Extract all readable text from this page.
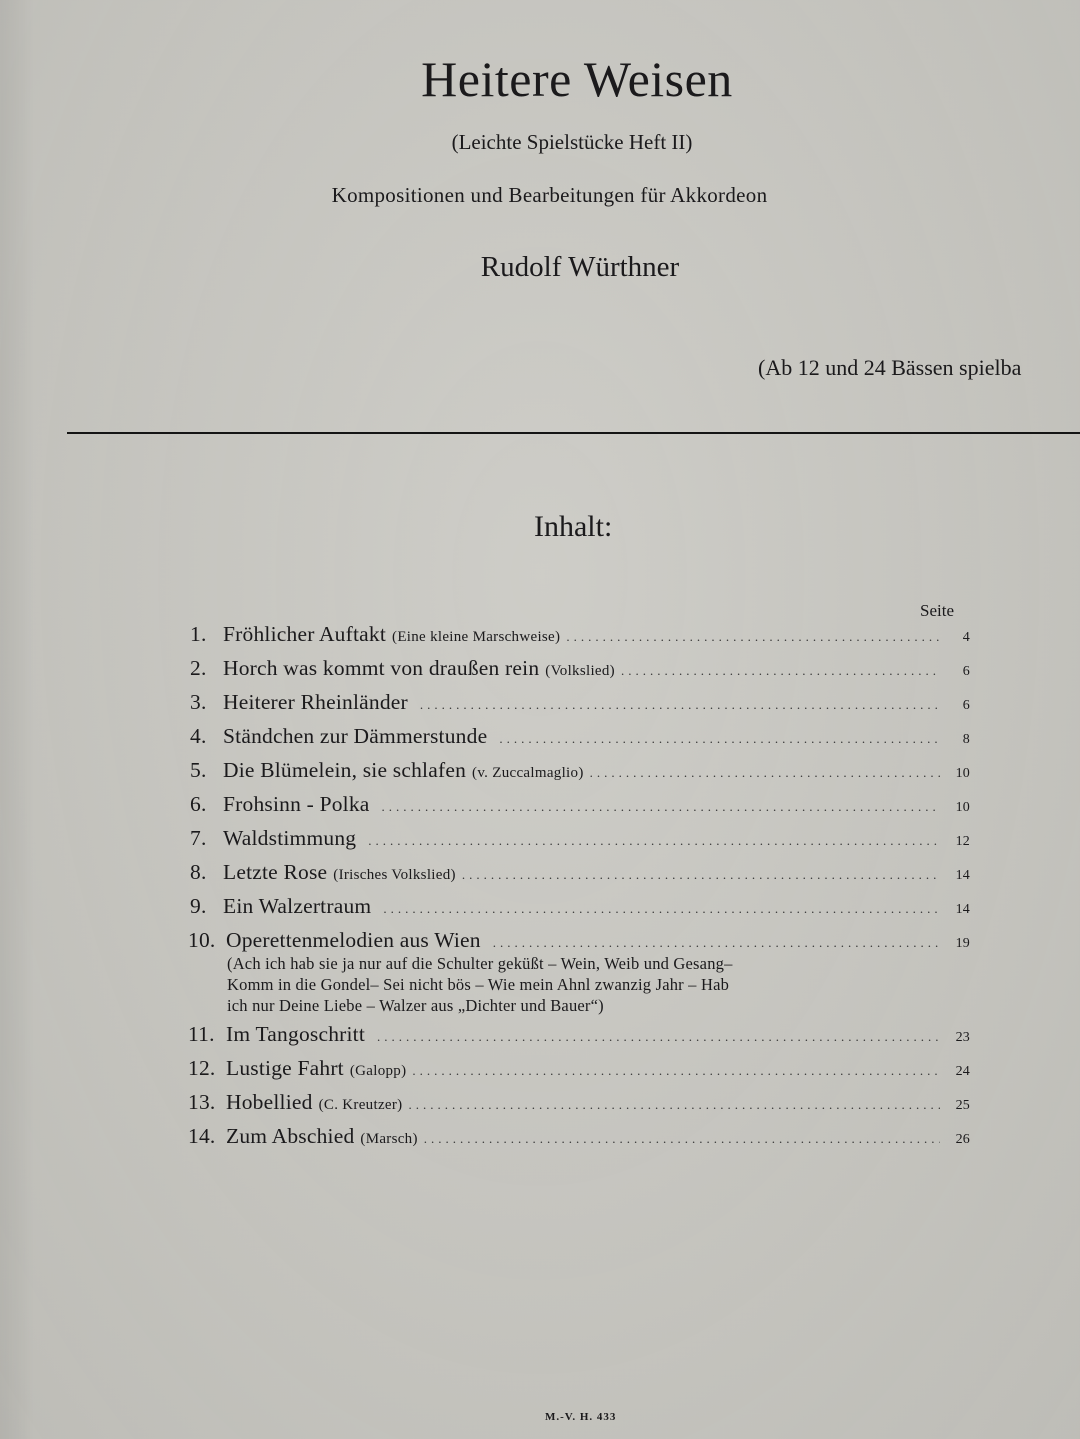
Heitere Weisen
(Leichte Spielstücke Heft II)
Kompositionen und Bearbeitungen für Akkordeon
Rudolf Würthner
(Ab 12 und 24 Bässen spielba
Inhalt:
Seite
1. Fröhlicher Auftakt (Eine kleine Marschweise) .....	4
2. Horch was kommt von draußen rein (Volkslied) .....	6
3. Heiterer Rheinländer .....	6
4. Ständchen zur Dämmerstunde .....	8
5. Die Blümelein, sie schlafen (v. Zuccalmaglio) .....	10
6. Frohsinn - Polka .....	10
7. Waldstimmung .....	12
8. Letzte Rose (Irisches Volkslied) .....	14
9. Ein Walzertraum .....	14
10. Operettenmelodien aus Wien .....	19
(Ach ich hab sie ja nur auf die Schulter geküßt – Wein, Weib und Gesang–
Komm in die Gondel– Sei nicht bös – Wie mein Ahnl zwanzig Jahr – Hab
ich nur Deine Liebe – Walzer aus „Dichter und Bauer“)
11. Im Tangoschritt .....	23
12. Lustige Fahrt (Galopp) .....	24
13. Hobellied (C. Kreutzer) .....	25
14. Zum Abschied (Marsch) .....	26
M.-V. H. 433
